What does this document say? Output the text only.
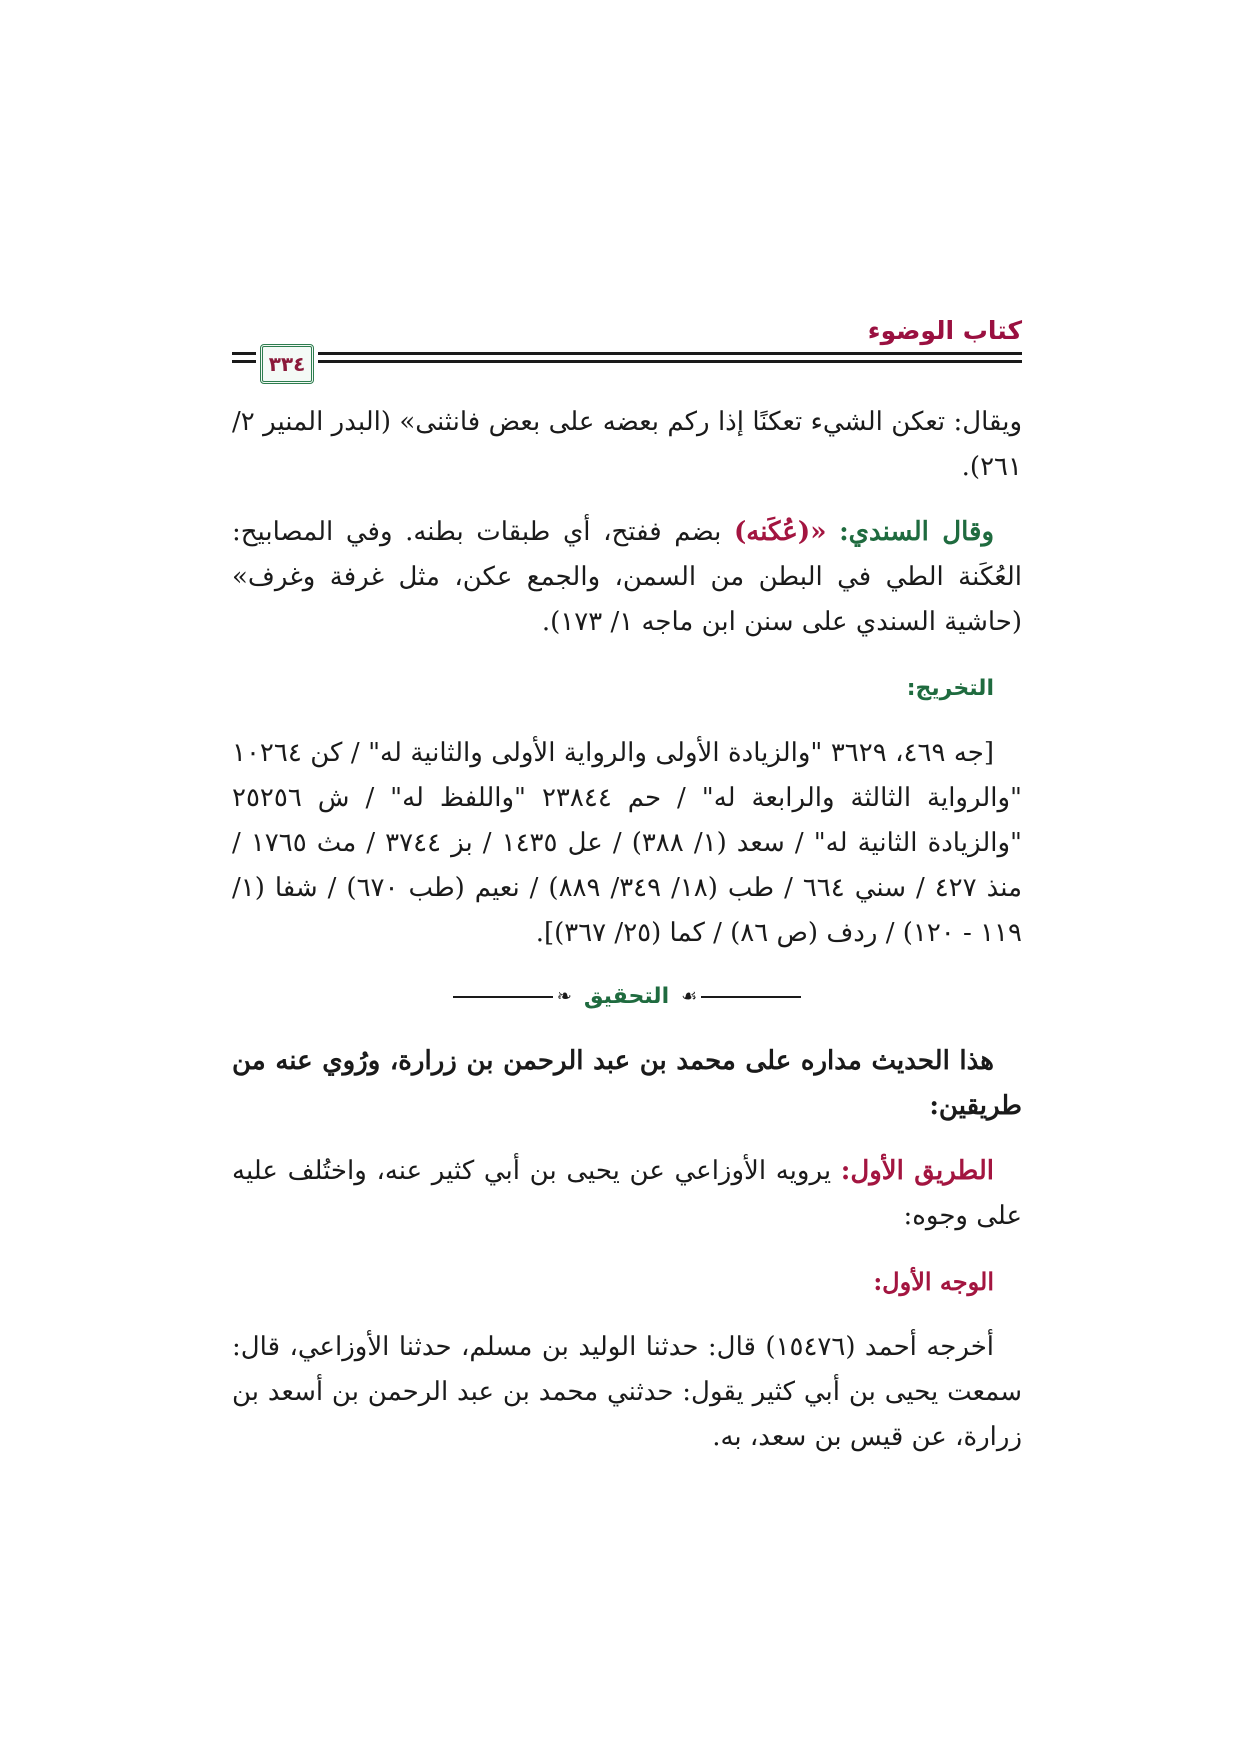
كتاب الوضوء
٣٣٤

ويقال: تعكن الشيء تعكنًا إذا ركم بعضه على بعض فانثنى» (البدر المنير ٢/ ٢٦١).

وقال السندي: «(عُكَنه) بضم ففتح، أي طبقات بطنه. وفي المصابيح: العُكَنة الطي في البطن من السمن، والجمع عكن، مثل غرفة وغرف» (حاشية السندي على سنن ابن ماجه ١/ ١٧٣).

التخريج:

[جه ٤٦٩، ٣٦٢٩ "والزيادة الأولى والرواية الأولى والثانية له" / كن ١٠٢٦٤ "والرواية الثالثة والرابعة له" / حم ٢٣٨٤٤ "واللفظ له" / ش ٢٥٢٥٦ "والزيادة الثانية له" / سعد (١/ ٣٨٨) / عل ١٤٣٥ / بز ٣٧٤٤ / مث ١٧٦٥ / منذ ٤٢٧ / سني ٦٦٤ / طب (١٨/ ٣٤٩/ ٨٨٩) / نعيم (طب ٦٧٠) / شفا (١/ ١١٩ - ١٢٠) / ردف (ص ٨٦) / كما (٢٥/ ٣٦٧)].

❧ التحقيق ☙

هذا الحديث مداره على محمد بن عبد الرحمن بن زرارة، ورُوي عنه من طريقين:

الطريق الأول: يرويه الأوزاعي عن يحيى بن أبي كثير عنه، واختُلف عليه على وجوه:

الوجه الأول:

أخرجه أحمد (١٥٤٧٦) قال: حدثنا الوليد بن مسلم، حدثنا الأوزاعي، قال: سمعت يحيى بن أبي كثير يقول: حدثني محمد بن عبد الرحمن بن أسعد بن زرارة، عن قيس بن سعد، به.
